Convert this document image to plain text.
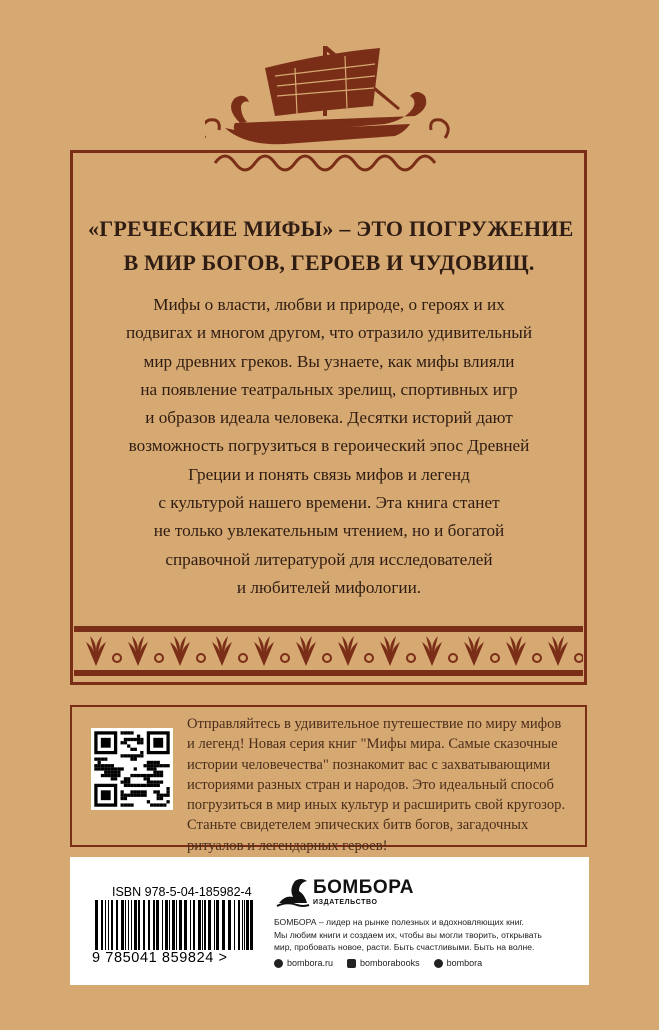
«ГРЕЧЕСКИЕ МИФЫ» – ЭТО ПОГРУЖЕНИЕ
В МИР БОГОВ, ГЕРОЕВ И ЧУДОВИЩ.
Мифы о власти, любви и природе, о героях и их
подвигах и многом другом, что отразило удивительный
мир древних греков. Вы узнаете, как мифы влияли
на появление театральных зрелищ, спортивных игр
и образов идеала человека. Десятки историй дают
возможность погрузиться в героический эпос Древней
Греции и понять связь мифов и легенд
с культурой нашего времени. Эта книга станет
не только увлекательным чтением, но и богатой
справочной литературой для исследователей
и любителей мифологии.
Отправляйтесь в удивительное путешествие по миру мифов
и легенд! Новая серия книг "Мифы мира. Самые сказочные
истории человечества" познакомит вас с захватывающими
историями разных стран и народов. Это идеальный способ
погрузиться в мир иных культур и расширить свой кругозор.
Станьте свидетелем эпических битв богов, загадочных
ритуалов и легендарных героев!
ISBN 978-5-04-185982-4
9 785041 859824 >
БОМБОРА
ИЗДАТЕЛЬСТВО
БОМБОРА – лидер на рынке полезных и вдохновляющих книг.
Мы любим книги и создаем их, чтобы вы могли творить, открывать
мир, пробовать новое, расти. Быть счастливыми. Быть на волне.
bombora.ru	bomborabooks	bombora
